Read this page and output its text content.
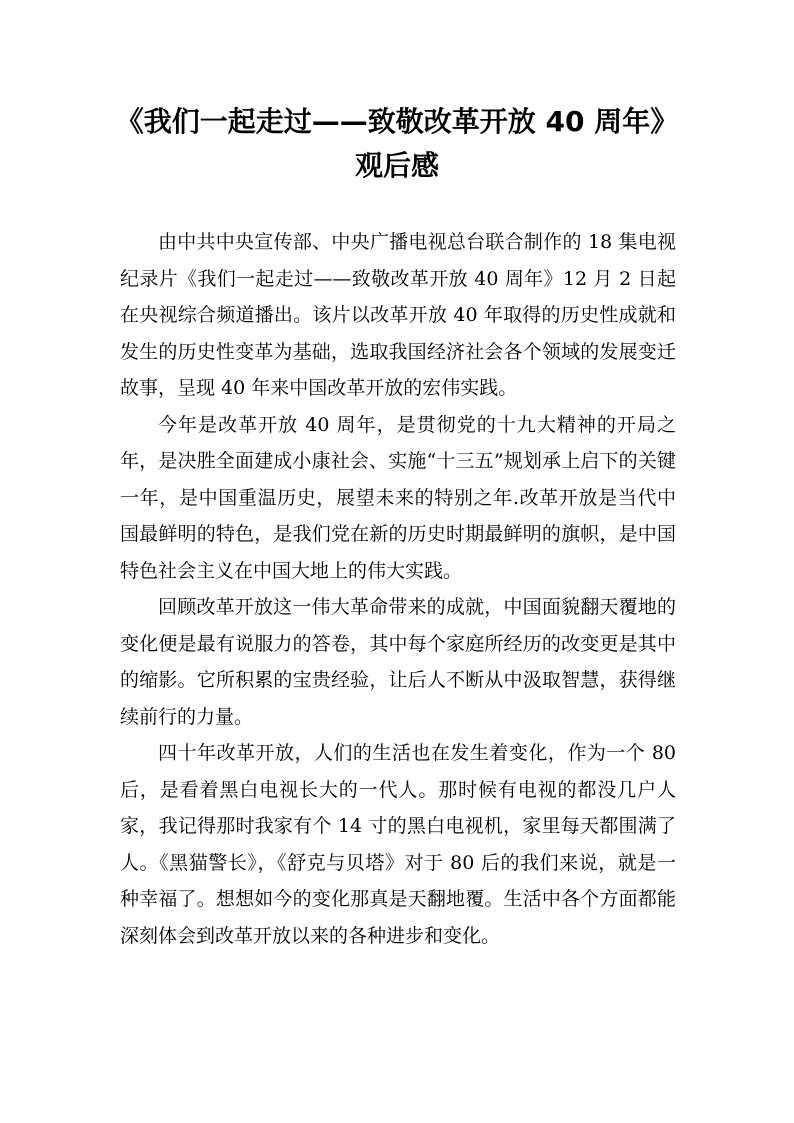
《我们一起走过——致敬改革开放 40 周年》
观后感

由中共中央宣传部、中央广播电视总台联合制作的 18 集电视纪录片《我们一起走过——致敬改革开放 40 周年》12 月 2 日起在央视综合频道播出。该片以改革开放 40 年取得的历史性成就和发生的历史性变革为基础，选取我国经济社会各个领域的发展变迁故事，呈现 40 年来中国改革开放的宏伟实践。

今年是改革开放 40 周年，是贯彻党的十九大精神的开局之年，是决胜全面建成小康社会、实施“十三五”规划承上启下的关键一年，是中国重温历史，展望未来的特别之年.改革开放是当代中国最鲜明的特色，是我们党在新的历史时期最鲜明的旗帜，是中国特色社会主义在中国大地上的伟大实践。

回顾改革开放这一伟大革命带来的成就，中国面貌翻天覆地的变化便是最有说服力的答卷，其中每个家庭所经历的改变更是其中的缩影。它所积累的宝贵经验，让后人不断从中汲取智慧，获得继续前行的力量。

四十年改革开放，人们的生活也在发生着变化，作为一个 80 后，是看着黑白电视长大的一代人。那时候有电视的都没几户人家，我记得那时我家有个 14 寸的黑白电视机，家里每天都围满了人。《黑猫警长》，《舒克与贝塔》对于 80 后的我们来说，就是一种幸福了。想想如今的变化那真是天翻地覆。生活中各个方面都能深刻体会到改革开放以来的各种进步和变化。
